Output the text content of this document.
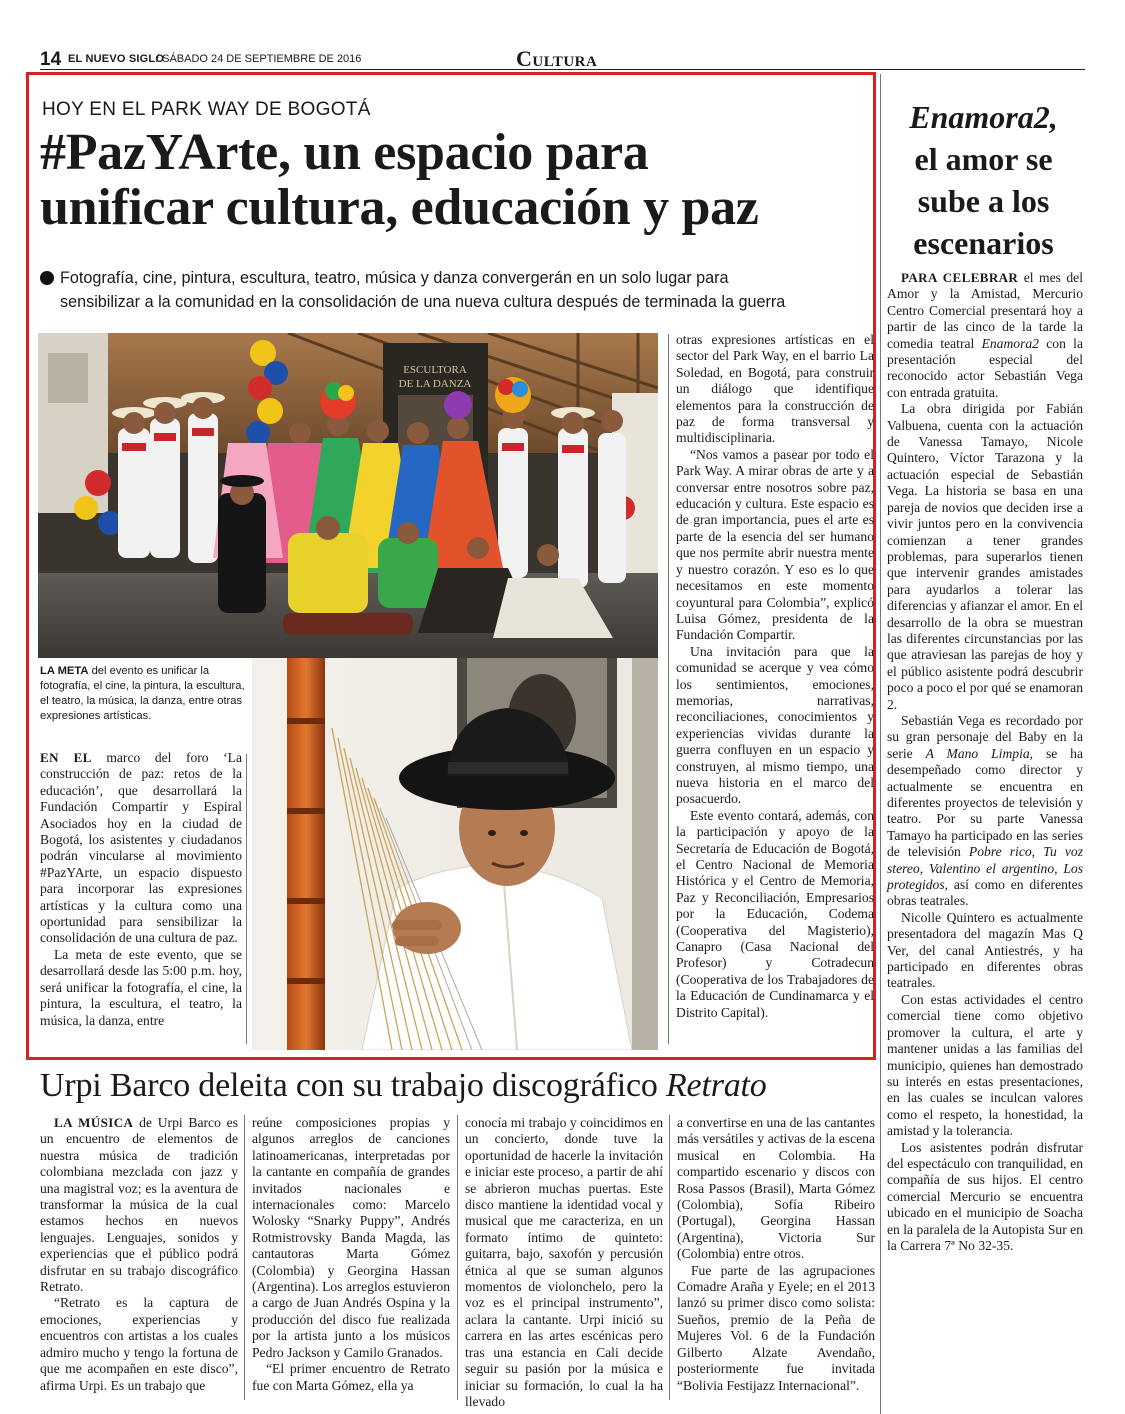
14 EL NUEVO SIGLO
/ SÁBADO 24 DE SEPTIEMBRE DE 2016	Cultura
HOY EN EL PARK WAY DE BOGOTÁ
#PazYArte, un espacio para
unificar cultura, educación y paz
Fotografía, cine, pintura, escultura, teatro, música y danza convergerán en un solo lugar para
sensibilizar a la comunidad en la consolidación de una nueva cultura después de terminada la guerra
ESCULTORA
DE LA DANZA
LA META del evento es unificar la fotografía, el cine, la pintura, la escultura, el teatro, la música, la danza, entre otras expresiones artísticas.

EN EL marco del foro ‘La construcción de paz: retos de la educación’, que desarrollará la Fundación Compartir y Espiral Asociados hoy en la ciudad de Bogotá, los asistentes y ciudadanos podrán vincularse al movimiento #PazYArte, un espacio dispuesto para incorporar las expresiones artísticas y la cultura como una oportunidad para sensibilizar la consolidación de una cultura de paz.

La meta de este evento, que se desarrollará desde las 5:00 p.m. hoy, será unificar la fotografía, el cine, la pintura, la escultura, el teatro, la música, la danza, entre

otras expresiones artísticas en el sector del Park Way, en el barrio La Soledad, en Bogotá, para construir un diálogo que identifique elementos para la construcción de paz de forma transversal y multidisciplinaria.

“Nos vamos a pasear por todo el Park Way. A mirar obras de arte y a conversar entre nosotros sobre paz, educación y cultura. Este espacio es de gran importancia, pues el arte es parte de la esencia del ser humano que nos permite abrir nuestra mente y nuestro corazón. Y eso es lo que necesitamos en este momento coyuntural para Colombia”, explicó Luisa Gómez, presidenta de la Fundación Compartir.

Una invitación para que la comunidad se acerque y vea cómo los sentimientos, emociones, memorias, narrativas, reconciliaciones, conocimientos y experiencias vividas durante la guerra confluyen en un espacio y construyen, al mismo tiempo, una nueva historia en el marco del posacuerdo.

Este evento contará, además, con la participación y apoyo de la Secretaría de Educación de Bogotá, el Centro Nacional de Memoria Histórica y el Centro de Memoria, Paz y Reconciliación, Empresarios por la Educación, Codema (Cooperativa del Magisterio), Canapro (Casa Nacional del Profesor) y Cotradecun (Cooperativa de los Trabajadores de la Educación de Cundinamarca y el Distrito Capital).

Enamora2,
el amor se sube a los escenarios

PARA CELEBRAR el mes del Amor y la Amistad, Mercurio Centro Comercial presentará hoy a partir de las cinco de la tarde la comedia teatral Enamora2 con la presentación especial del reconocido actor Sebastián Vega con entrada gratuita.

La obra dirigida por Fabián Valbuena, cuenta con la actuación de Vanessa Tamayo, Nicole Quintero, Víctor Tarazona y la actuación especial de Sebastián Vega. La historia se basa en una pareja de novios que deciden irse a vivir juntos pero en la convivencia comienzan a tener grandes problemas, para superarlos tienen que intervenir grandes amistades para ayudarlos a tolerar las diferencias y afianzar el amor. En el desarrollo de la obra se muestran las diferentes circunstancias por las que atraviesan las parejas de hoy y el público asistente podrá descubrir poco a poco el por qué se enamoran 2.

Sebastián Vega es recordado por su gran personaje del Baby en la serie A Mano Limpia, se ha desempeñado como director y actualmente se encuentra en diferentes proyectos de televisión y teatro. Por su parte Vanessa Tamayo ha participado en las series de televisión Pobre rico, Tu voz stereo, Valentino el argentino, Los protegidos, así como en diferentes obras teatrales.

Nicolle Quintero es actualmente presentadora del magazín Mas Q Ver, del canal Antiestrés, y ha participado en diferentes obras teatrales.

Con estas actividades el centro comercial tiene como objetivo promover la cultura, el arte y mantener unidas a las familias del municipio, quienes han demostrado su interés en estas presentaciones, en las cuales se inculcan valores como el respeto, la honestidad, la amistad y la tolerancia.

Los asistentes podrán disfrutar del espectáculo con tranquilidad, en compañía de sus hijos. El centro comercial Mercurio se encuentra ubicado en el municipio de Soacha en la paralela de la Autopista Sur en la Carrera 7ª No 32-35.

Urpi Barco deleita con su trabajo discográfico Retrato

LA MÚSICA de Urpi Barco es un encuentro de elementos de nuestra música de tradición colombiana mezclada con jazz y una magistral voz; es la aventura de transformar la música de la cual estamos hechos en nuevos lenguajes. Lenguajes, sonidos y experiencias que el público podrá disfrutar en su trabajo discográfico Retrato.

“Retrato es la captura de emociones, experiencias y encuentros con artistas a los cuales admiro mucho y tengo la fortuna de que me acompañen en este disco”, afirma Urpi. Es un trabajo que

reúne composiciones propias y algunos arreglos de canciones latinoamericanas, interpretadas por la cantante en compañía de grandes invitados nacionales e internacionales como: Marcelo Wolosky “Snarky Puppy”, Andrés Rotmistrovsky Banda Magda, las cantautoras Marta Gómez (Colombia) y Georgina Hassan (Argentina). Los arreglos estuvieron a cargo de Juan Andrés Ospina y la producción del disco fue realizada por la artista junto a los músicos Pedro Jackson y Camilo Granados.

“El primer encuentro de Retrato fue con Marta Gómez, ella ya

conocía mi trabajo y coincidimos en un concierto, donde tuve la oportunidad de hacerle la invitación e iniciar este proceso, a partir de ahí se abrieron muchas puertas. Este disco mantiene la identidad vocal y musical que me caracteriza, en un formato íntimo de quinteto: guitarra, bajo, saxofón y percusión étnica al que se suman algunos momentos de violonchelo, pero la voz es el principal instrumento”, aclara la cantante. Urpi inició su carrera en las artes escénicas pero tras una estancia en Cali decide seguir su pasión por la música e iniciar su formación, lo cual la ha llevado

a convertirse en una de las cantantes más versátiles y activas de la escena musical en Colombia. Ha compartido escenario y discos con Rosa Passos (Brasil), Marta Gómez (Colombia), Sofía Ribeiro (Portugal), Georgina Hassan (Argentina), Victoria Sur (Colombia) entre otros.

Fue parte de las agrupaciones Comadre Araña y Eyele; en el 2013 lanzó su primer disco como solista: Sueños, premio de la Peña de Mujeres Vol. 6 de la Fundación Gilberto Alzate Avendaño, posteriormente fue invitada “Bolivia Festijazz Internacional”.
